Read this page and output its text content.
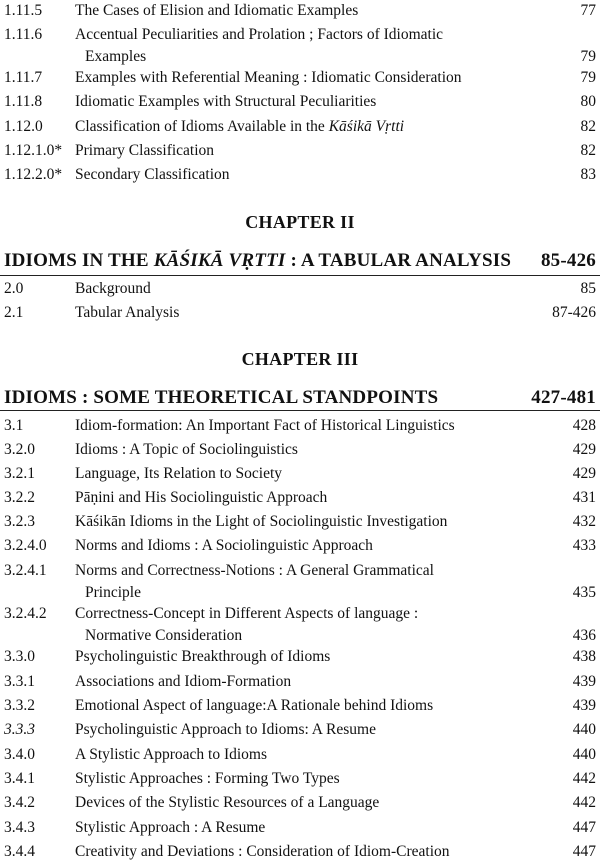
1.11.5 The Cases of Elision and Idiomatic Examples	77
1.11.6 Accentual Peculiarities and Prolation ; Factors of Idiomatic
Examples	79
1.11.7 Examples with Referential Meaning : Idiomatic Consideration	79
1.11.8 Idiomatic Examples with Structural Peculiarities	80
1.12.0 Classification of Idioms Available in the Kāśikā Vṛtti	82
1.12.1.0* Primary Classification	82
1.12.2.0* Secondary Classification	83
CHAPTER II
IDIOMS IN THE KĀŚIKĀ VṚTTI : A TABULAR ANALYSIS 85-426
2.0	Background	85
2.1	Tabular Analysis	87-426
CHAPTER III
IDIOMS : SOME THEORETICAL STANDPOINTS	427-481
3.1	Idiom-formation: An Important Fact of Historical Linguistics	428
3.2.0	Idioms : A Topic of Sociolinguistics	429
3.2.1	Language, Its Relation to Society	429
3.2.2	Pāṇini and His Sociolinguistic Approach	431
3.2.3	Kāśikān Idioms in the Light of Sociolinguistic Investigation	432
3.2.4.0 Norms and Idioms : A Sociolinguistic Approach	433
3.2.4.1 Norms and Correctness-Notions : A General Grammatical
Principle	435
3.2.4.2 Correctness-Concept in Different Aspects of language :
Normative Consideration	436
3.3.0	Psycholinguistic Breakthrough of Idioms	438
3.3.1	Associations and Idiom-Formation	439
3.3.2	Emotional Aspect of language:A Rationale behind Idioms	439
3.3.3	Psycholinguistic Approach to Idioms: A Resume	440
3.4.0	A Stylistic Approach to Idioms	440
3.4.1	Stylistic Approaches : Forming Two Types	442
3.4.2	Devices of the Stylistic Resources of a Language	442
3.4.3	Stylistic Approach : A Resume	447
3.4.4	Creativity and Deviations : Consideration of Idiom-Creation	447
